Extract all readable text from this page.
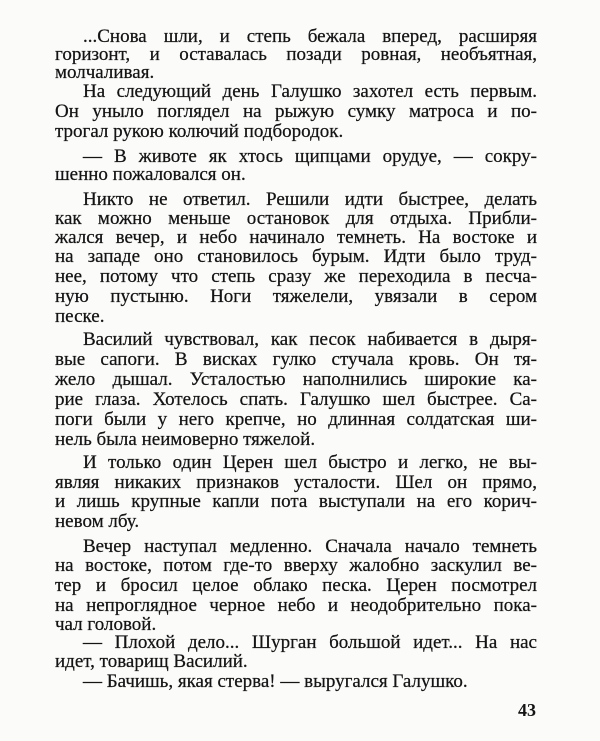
...Снова шли, и степь бежала вперед, расширяя
горизонт, и оставалась позади ровная, необъятная,
молчаливая.
На следующий день Галушко захотел есть первым.
Он уныло поглядел на рыжую сумку матроса и по-
трогал рукою колючий подбородок.
— В животе як хтось щипцами орудуе, — сокру-
шенно пожаловался он.
Никто не ответил. Решили идти быстрее, делать
как можно меньше остановок для отдыха. Прибли-
жался вечер, и небо начинало темнеть. На востоке и
на западе оно становилось бурым. Идти было труд-
нее, потому что степь сразу же переходила в песча-
ную пустыню. Ноги тяжелели, увязали в сером
песке.
Василий чувствовал, как песок набивается в дыря-
вые сапоги. В висках гулко стучала кровь. Он тя-
жело дышал. Усталостью наполнились широкие ка-
рие глаза. Хотелось спать. Галушко шел быстрее. Са-
поги были у него крепче, но длинная солдатская ши-
нель была неимоверно тяжелой.
И только один Церен шел быстро и легко, не вы-
являя никаких признаков усталости. Шел он прямо,
и лишь крупные капли пота выступали на его корич-
невом лбу.
Вечер наступал медленно. Сначала начало темнеть
на востоке, потом где-то вверху жалобно заскулил ве-
тер и бросил целое облако песка. Церен посмотрел
на непроглядное черное небо и неодобрительно пока-
чал головой.
— Плохой дело... Шурган большой идет... На нас
идет, товарищ Василий.
— Бачишь, якая стерва! — выругался Галушко.
43
